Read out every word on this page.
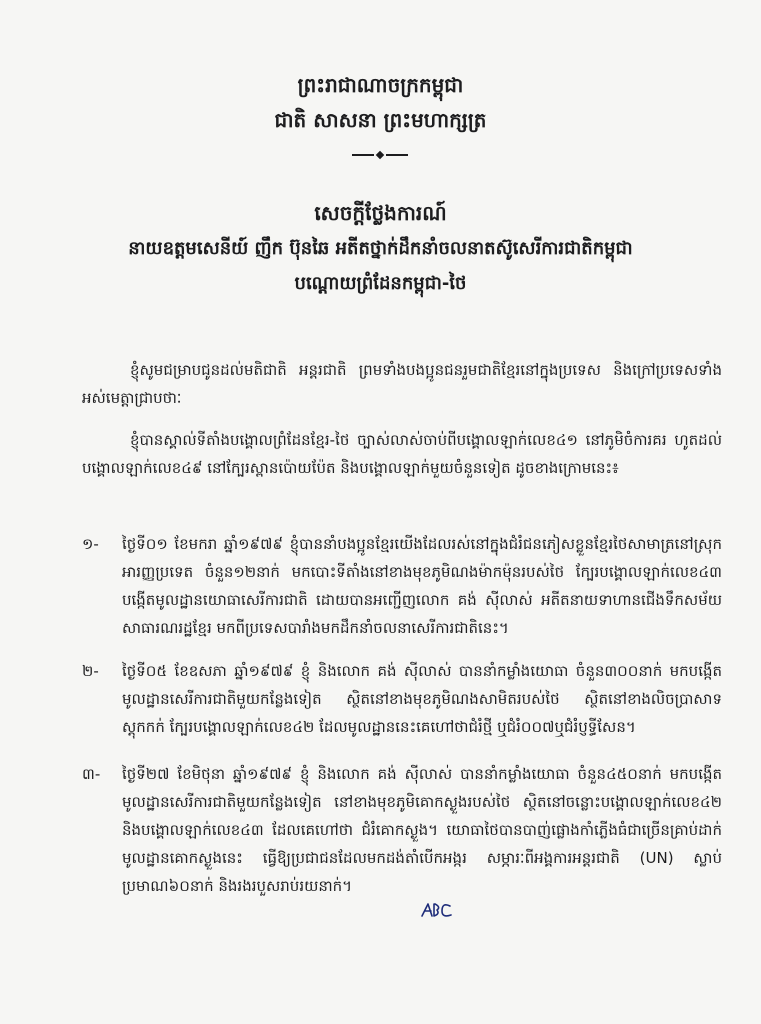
ព្រះរាជាណាចក្រកម្ពុជា
ជាតិ សាសនា ព្រះមហាក្សត្រ
សេចក្ដីថ្លែងការណ៍
នាយឧត្តមសេនីយ៍ ញឹក ប៊ុនឆៃ អតីតថ្នាក់ដឹកនាំចលនាតស៊ូសេរីការជាតិកម្ពុជា
បណ្ដោយព្រំដែនកម្ពុជា-ថៃ
ខ្ញុំសូមជម្រាបជូនដល់មតិជាតិ អន្តរជាតិ ព្រមទាំងបងប្អូនជនរួមជាតិខ្មែរនៅក្នុងប្រទេស និងក្រៅប្រទេសទាំងអស់មេត្តាជ្រាបថាៈ
ខ្ញុំបានស្គាល់ទីតាំងបង្គោលព្រំដែនខ្មែរ-ថៃ ច្បាស់លាស់ចាប់ពីបង្គោលឡាក់លេខ៤១ នៅភូមិចំការគរ ហូតដល់បង្គោលឡាក់លេខ៤៩ នៅក្បែរស្ពានប៉ោយប៉ែត និងបង្គោលឡាក់មួយចំនួនទៀត ដូចខាងក្រោមនេះ៖
១-	ថ្ងៃទី០១ ខែមករា ឆ្នាំ១៩៧៩ ខ្ញុំបាននាំបងប្អូនខ្មែរយើងដែលរស់នៅក្នុងជំរំជនភៀសខ្លួនខ្មែរថៃសាមាត្រនៅស្រុកអារញ្ញប្រទេត ចំនួន១២នាក់ មកបោះទីតាំងនៅខាងមុខភូមិណងម៉ាកម៉ុនរបស់ថៃ ក្បែរបង្គោលឡាក់លេខ៤៣ បង្កើតមូលដ្ឋានយោធាសេរីការជាតិ ដោយបានអញ្ជើញលោក គង់ ស៊ីលាស់ អតីតនាយទាហានជើងទឹកសម័យសាធារណរដ្ឋខ្មែរ មកពីប្រទេសបារាំងមកដឹកនាំចលនាសេរីការជាតិនេះ។
២-	ថ្ងៃទី០៥ ខែឧសភា ឆ្នាំ១៩៧៩ ខ្ញុំ និងលោក គង់ ស៊ីលាស់ បាននាំកម្លាំងយោធា ចំនួន៣០០នាក់ មកបង្កើតមូលដ្ឋានសេរីការជាតិមួយកន្លែងទៀត ស្ថិតនៅខាងមុខភូមិណងសាមិតរបស់ថៃ ស្ថិតនៅខាងលិចប្រាសាទស្តុកកក់ ក្បែរបង្គោលឡាក់លេខ៤២ ដែលមូលដ្ឋាននេះគេហៅថាជំរំថ្មី ឬជំរំ០០៧ឬជំរំប្ញទ្ធីសែន។
៣-	ថ្ងៃទី២៧ ខែមិថុនា ឆ្នាំ១៩៧៩ ខ្ញុំ និងលោក គង់ ស៊ីលាស់ បាននាំកម្លាំងយោធា ចំនួន៤៥០នាក់ មកបង្កើតមូលដ្ឋានសេរីការជាតិមួយកន្លែងទៀត នៅខាងមុខភូមិគោកស្ងួងរបស់ថៃ ស្ថិតនៅចន្លោះបង្គោលឡាក់លេខ៤២ និងបង្គោលឡាក់លេខ៤៣ ដែលគេហៅថា ជំរំគោកស្ងួង។ យោធាថៃបានបាញ់ផ្លោងកាំភ្លើងធំជាច្រើនគ្រាប់ដាក់មូលដ្ឋានគោកស្ងួងនេះ ធ្វើឱ្យប្រជាជនដែលមកដង់តាំបើកអង្ករ សម្ភារៈពីអង្គការអន្តរជាតិ (UN) ស្លាប់ប្រមាណ៦០នាក់ និងរងរបួសរាប់រយនាក់។
